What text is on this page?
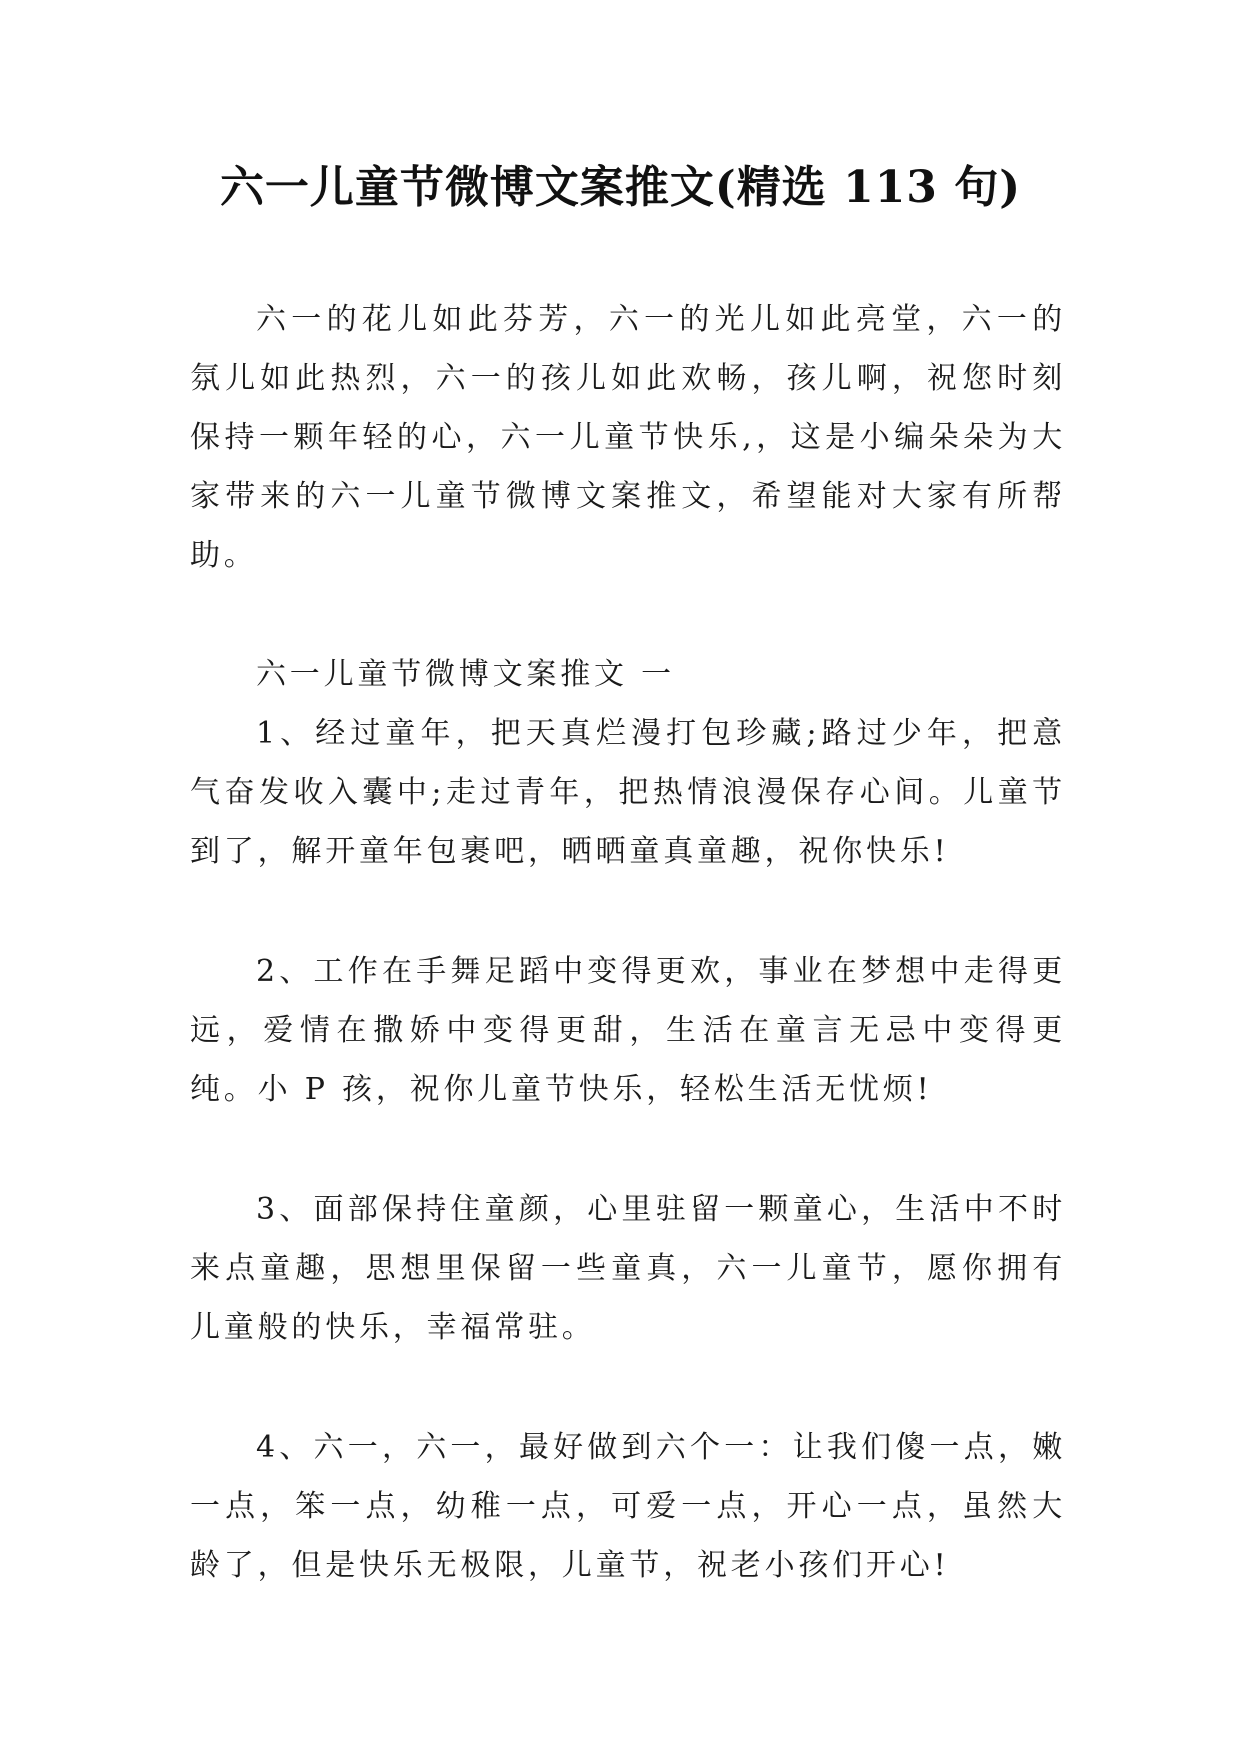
六一儿童节微博文案推文(精选 113 句)

六一的花儿如此芬芳，六一的光儿如此亮堂，六一的氛儿如此热烈，六一的孩儿如此欢畅，孩儿啊，祝您时刻保持一颗年轻的心，六一儿童节快乐,，这是小编朵朵为大家带来的六一儿童节微博文案推文，希望能对大家有所帮助。

六一儿童节微博文案推文 一

1、经过童年，把天真烂漫打包珍藏;路过少年，把意气奋发收入囊中;走过青年，把热情浪漫保存心间。儿童节到了，解开童年包裹吧，晒晒童真童趣，祝你快乐!

2、工作在手舞足蹈中变得更欢，事业在梦想中走得更远，爱情在撒娇中变得更甜，生活在童言无忌中变得更纯。小 P 孩，祝你儿童节快乐，轻松生活无忧烦!

3、面部保持住童颜，心里驻留一颗童心，生活中不时来点童趣，思想里保留一些童真，六一儿童节，愿你拥有儿童般的快乐，幸福常驻。

4、六一，六一，最好做到六个一：让我们傻一点，嫩一点，笨一点，幼稚一点，可爱一点，开心一点，虽然大龄了，但是快乐无极限，儿童节，祝老小孩们开心!
